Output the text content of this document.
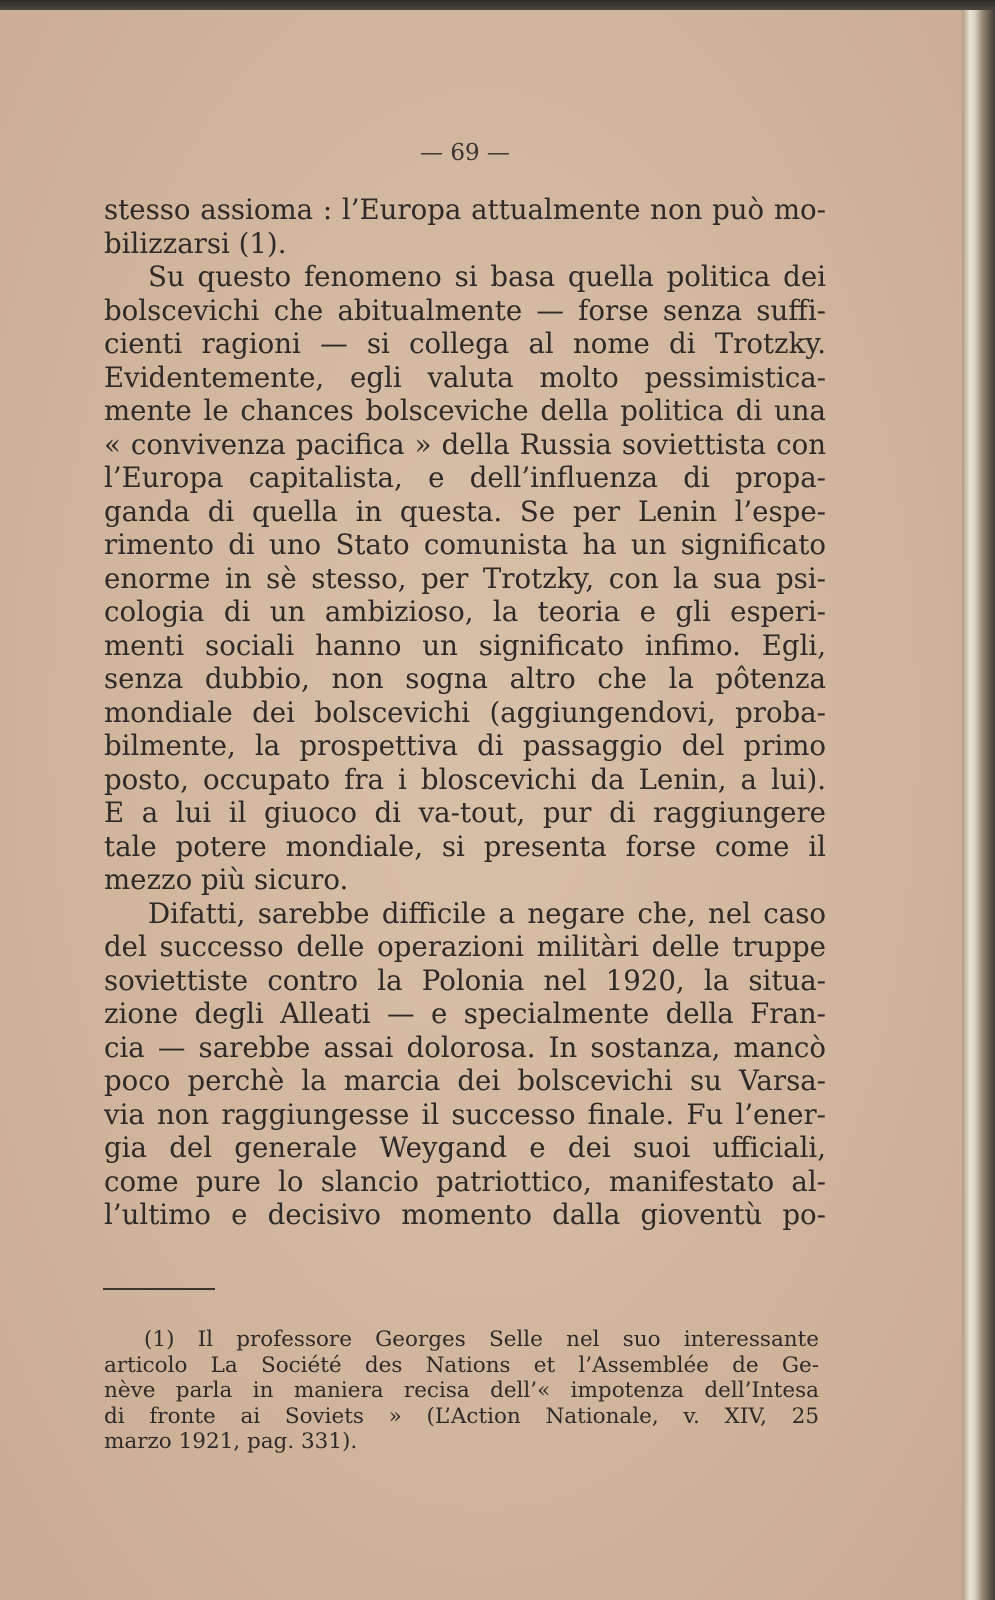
— 69 —
stesso assioma : l’Europa attualmente non può mo-
bilizzarsi (1).
Su questo fenomeno si basa quella politica dei
bolscevichi che abitualmente — forse senza suffi-
cienti ragioni — si collega al nome di Trotzky.
Evidentemente, egli valuta molto pessimistica-
mente le chances bolsceviche della politica di una
« convivenza pacifica » della Russia soviettista con
l’Europa capitalista, e dell’influenza di propa-
ganda di quella in questa. Se per Lenin l’espe-
rimento di uno Stato comunista ha un significato
enorme in sè stesso, per Trotzky, con la sua psi-
cologia di un ambizioso, la teoria e gli esperi-
menti sociali hanno un significato infimo. Egli,
senza dubbio, non sogna altro che la pôtenza
mondiale dei bolscevichi (aggiungendovi, proba-
bilmente, la prospettiva di passaggio del primo
posto, occupato fra i bloscevichi da Lenin, a lui).
E a lui il giuoco di va-tout, pur di raggiungere
tale potere mondiale, si presenta forse come il
mezzo più sicuro.
Difatti, sarebbe difficile a negare che, nel caso
del successo delle operazioni militàri delle truppe
soviettiste contro la Polonia nel 1920, la situa-
zione degli Alleati — e specialmente della Fran-
cia — sarebbe assai dolorosa. In sostanza, mancò
poco perchè la marcia dei bolscevichi su Varsa-
via non raggiungesse il successo finale. Fu l’ener-
gia del generale Weygand e dei suoi ufficiali,
come pure lo slancio patriottico, manifestato al-
l’ultimo e decisivo momento dalla gioventù po-
(1) Il professore Georges Selle nel suo interessante
articolo La Société des Nations et l’Assemblée de Ge-
nève parla in maniera recisa dell’« impotenza dell’Intesa
di fronte ai Soviets » (L’Action Nationale, v. XIV, 25
marzo 1921, pag. 331).
